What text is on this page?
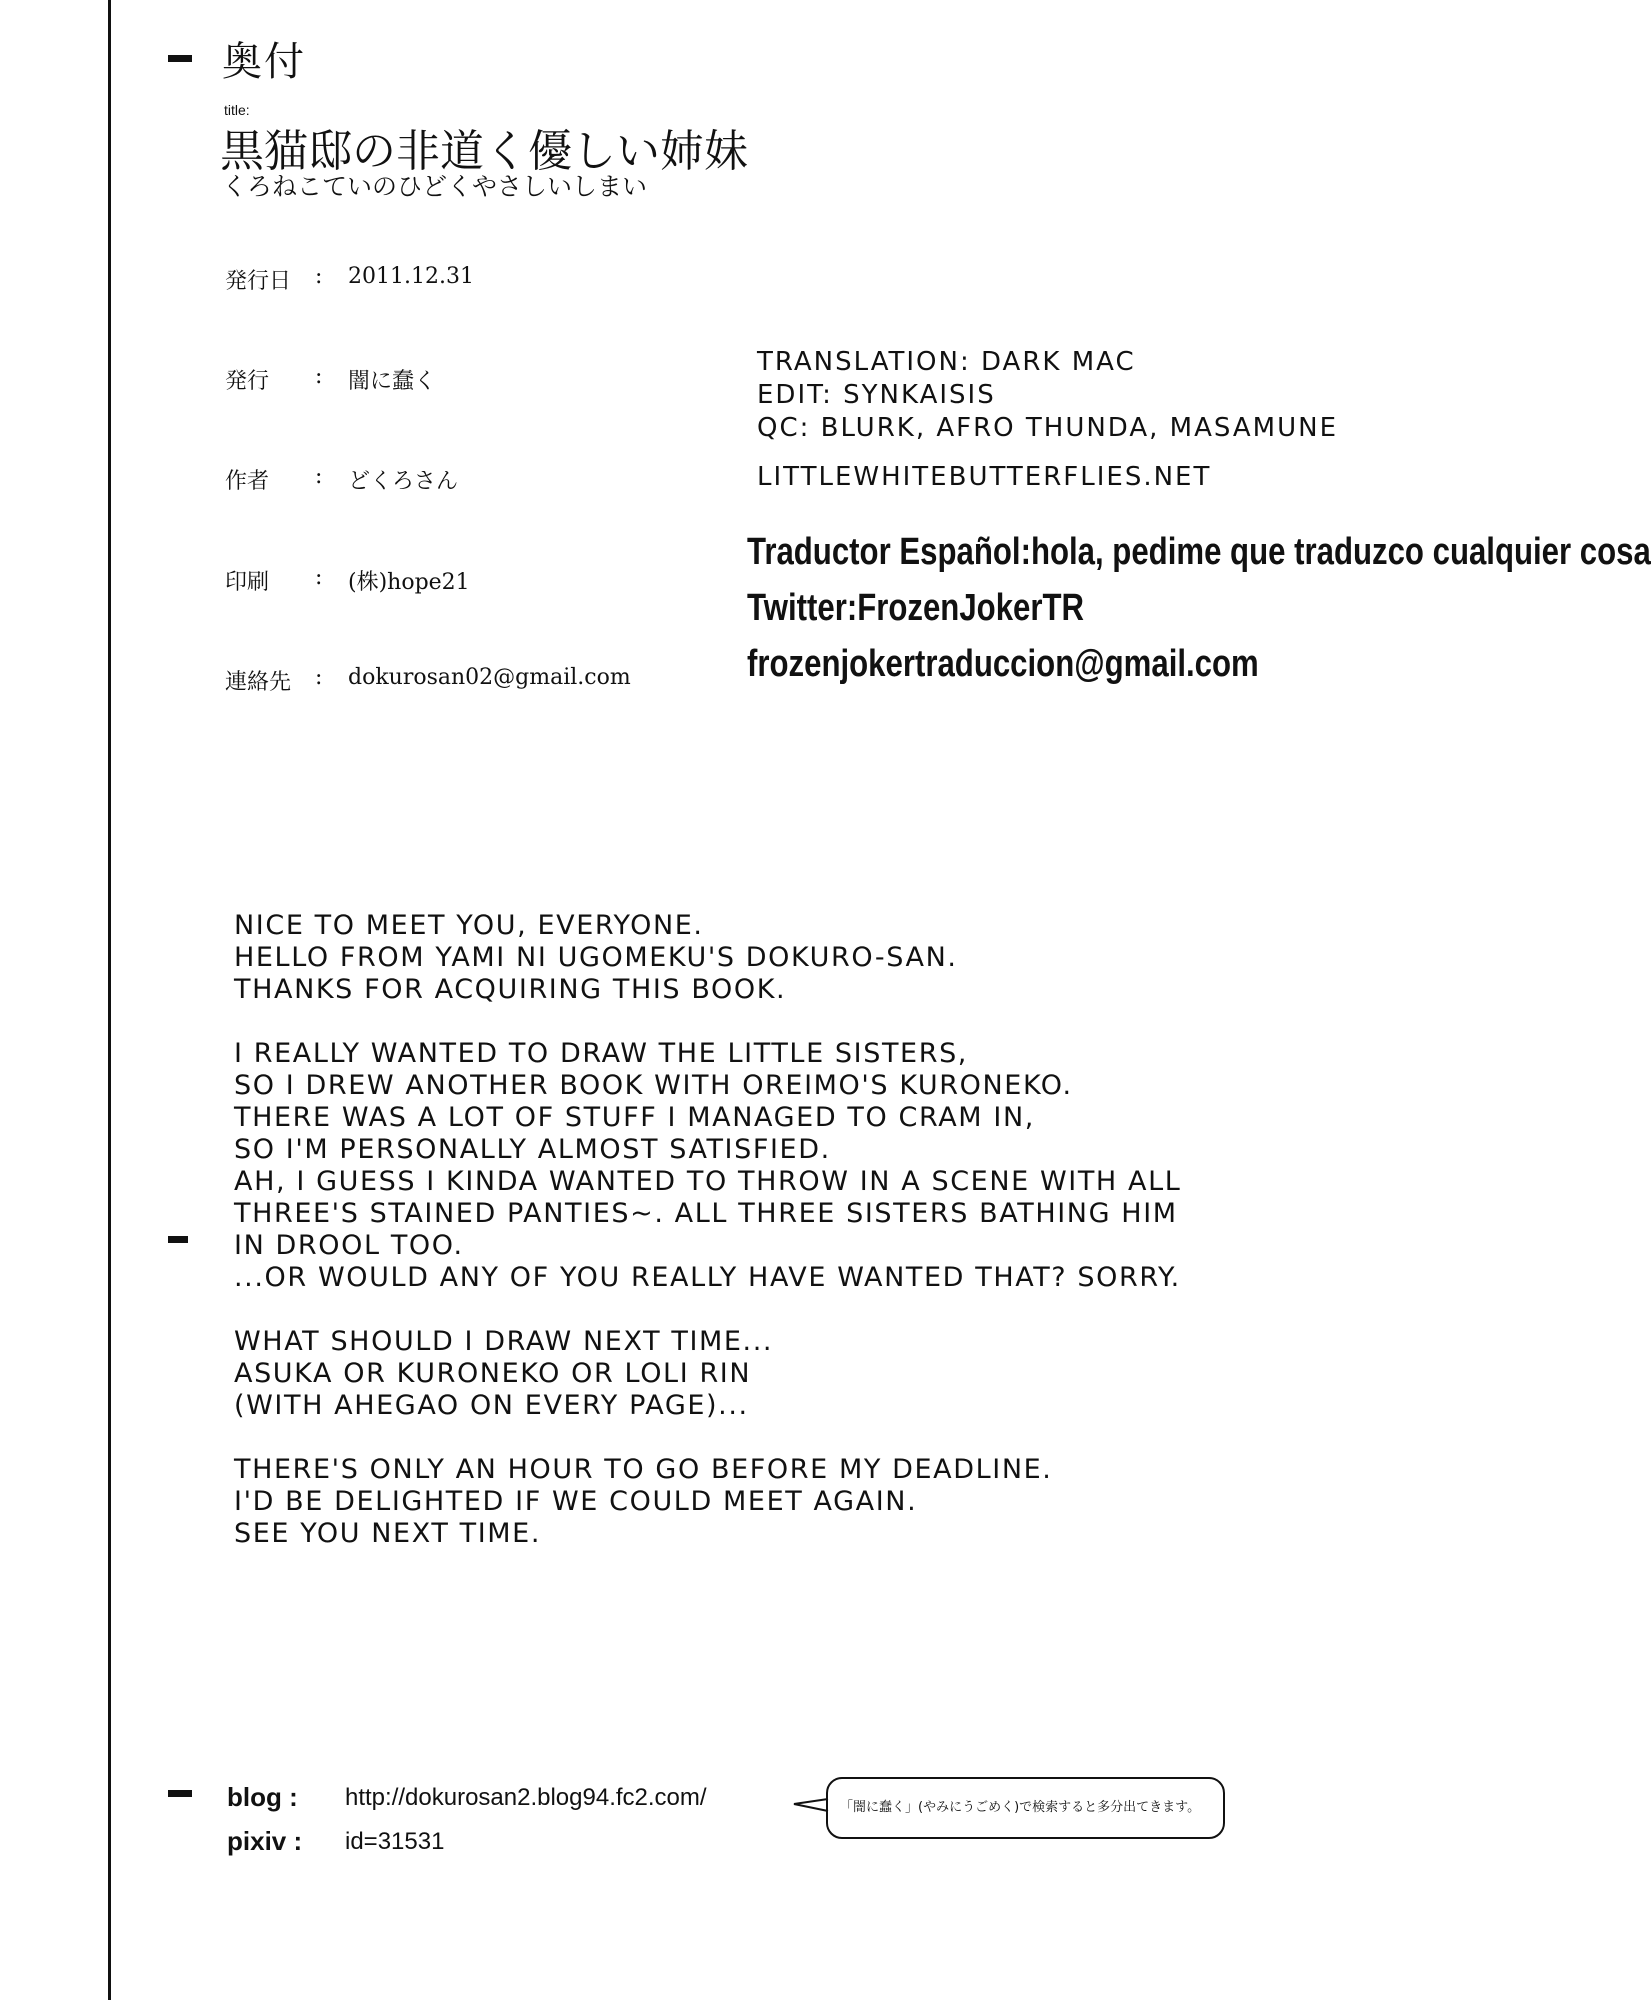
奥付
title:
黒猫邸の非道く優しい姉妹
くろねこていのひどくやさしいしまい
発行日 : 2011.12.31
発行 : 闇に蠢く
作者 : どくろさん
印刷 : (株)hope21
連絡先 : dokurosan02@gmail.com
TRANSLATION: DARK MAC
EDIT: SYNKAISIS
QC: BLURK, AFRO THUNDA, MASAMUNE
LITTLEWHITEBUTTERFLIES.NET
Traductor Español:hola, pedime que traduzco cualquier cosa
Twitter:FrozenJokerTR
frozenjokertraduccion@gmail.com
NICE TO MEET YOU, EVERYONE.
HELLO FROM YAMI NI UGOMEKU'S DOKURO-SAN.
THANKS FOR ACQUIRING THIS BOOK.
I REALLY WANTED TO DRAW THE LITTLE SISTERS,
SO I DREW ANOTHER BOOK WITH OREIMO'S KURONEKO.
THERE WAS A LOT OF STUFF I MANAGED TO CRAM IN,
SO I'M PERSONALLY ALMOST SATISFIED.
AH, I GUESS I KINDA WANTED TO THROW IN A SCENE WITH ALL
THREE'S STAINED PANTIES~. ALL THREE SISTERS BATHING HIM
IN DROOL TOO.
...OR WOULD ANY OF YOU REALLY HAVE WANTED THAT? SORRY.
WHAT SHOULD I DRAW NEXT TIME...
ASUKA OR KURONEKO OR LOLI RIN
(WITH AHEGAO ON EVERY PAGE)...
THERE'S ONLY AN HOUR TO GO BEFORE MY DEADLINE.
I'D BE DELIGHTED IF WE COULD MEET AGAIN.
SEE YOU NEXT TIME.
blog : http://dokurosan2.blog94.fc2.com/
pixiv : id=31531
「闇に蠢く」(やみにうごめく)で検索すると多分出てきます。
